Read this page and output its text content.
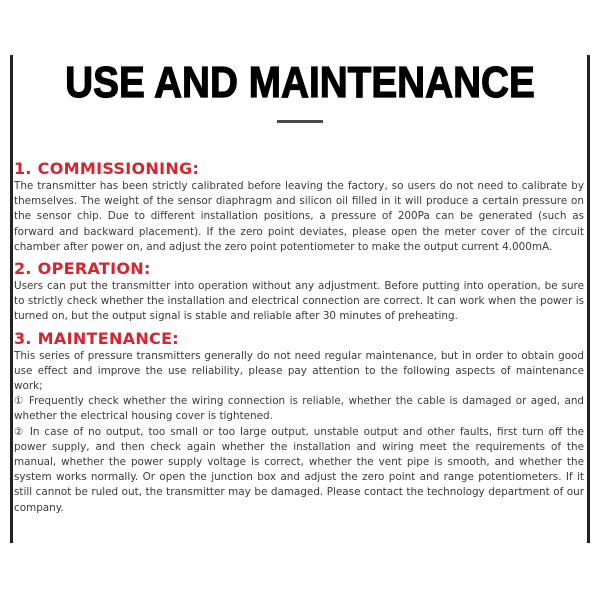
USE AND MAINTENANCE
1. COMMISSIONING:

The transmitter has been strictly calibrated before leaving the factory, so users do not need to calibrate by themselves. The weight of the sensor diaphragm and silicon oil filled in it will produce a certain pressure on the sensor chip. Due to different installation positions, a pressure of 200Pa can be generated (such as forward and backward placement). If the zero point deviates, please open the meter cover of the circuit chamber after power on, and adjust the zero point potentiometer to make the output current 4.000mA.

2. OPERATION:

Users can put the transmitter into operation without any adjustment. Before putting into operation, be sure to strictly check whether the installation and electrical connection are correct. It can work when the power is turned on, but the output signal is stable and reliable after 30 minutes of preheating.

3. MAINTENANCE:

This series of pressure transmitters generally do not need regular maintenance, but in order to obtain good use effect and improve the use reliability, please pay attention to the following aspects of maintenance work;

① Frequently check whether the wiring connection is reliable, whether the cable is damaged or aged, and whether the electrical housing cover is tightened.

② In case of no output, too small or too large output, unstable output and other faults, first turn off the power supply, and then check again whether the installation and wiring meet the requirements of the manual, whether the power supply voltage is correct, whether the vent pipe is smooth, and whether the system works normally. Or open the junction box and adjust the zero point and range potentiometers. If it still cannot be ruled out, the transmitter may be damaged. Please contact the technology department of our company.
